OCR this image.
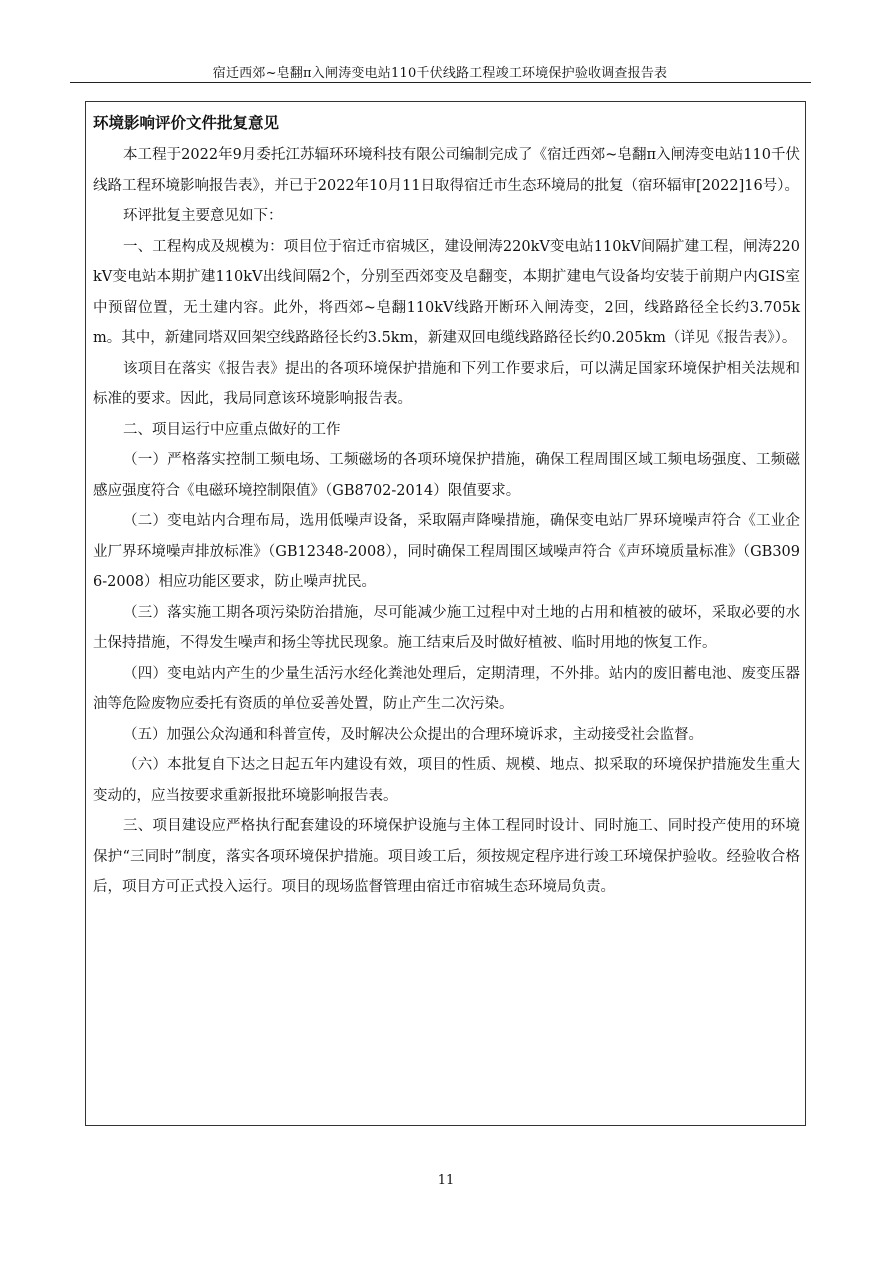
宿迁西郊~皂翻π入闸涛变电站110千伏线路工程竣工环境保护验收调查报告表
环境影响评价文件批复意见

本工程于2022年9月委托江苏辐环环境科技有限公司编制完成了《宿迁西郊~皂翻π入闸涛变电站110千伏线路工程环境影响报告表》，并已于2022年10月11日取得宿迁市生态环境局的批复（宿环辐审[2022]16号）。

环评批复主要意见如下：

一、工程构成及规模为：项目位于宿迁市宿城区，建设闸涛220kV变电站110kV间隔扩建工程，闸涛220kV变电站本期扩建110kV出线间隔2个，分别至西郊变及皂翻变，本期扩建电气设备均安装于前期户内GIS室中预留位置，无土建内容。此外，将西郊~皂翻110kV线路开断环入闸涛变，2回，线路路径全长约3.705km。其中，新建同塔双回架空线路路径长约3.5km，新建双回电缆线路路径长约0.205km（详见《报告表》）。

该项目在落实《报告表》提出的各项环境保护措施和下列工作要求后，可以满足国家环境保护相关法规和标准的要求。因此，我局同意该环境影响报告表。

二、项目运行中应重点做好的工作

（一）严格落实控制工频电场、工频磁场的各项环境保护措施，确保工程周围区域工频电场强度、工频磁感应强度符合《电磁环境控制限值》（GB8702-2014）限值要求。

（二）变电站内合理布局，选用低噪声设备，采取隔声降噪措施，确保变电站厂界环境噪声符合《工业企业厂界环境噪声排放标准》（GB12348-2008），同时确保工程周围区域噪声符合《声环境质量标准》（GB3096-2008）相应功能区要求，防止噪声扰民。

（三）落实施工期各项污染防治措施，尽可能减少施工过程中对土地的占用和植被的破坏，采取必要的水土保持措施，不得发生噪声和扬尘等扰民现象。施工结束后及时做好植被、临时用地的恢复工作。

（四）变电站内产生的少量生活污水经化粪池处理后，定期清理，不外排。站内的废旧蓄电池、废变压器油等危险废物应委托有资质的单位妥善处置，防止产生二次污染。

（五）加强公众沟通和科普宣传，及时解决公众提出的合理环境诉求，主动接受社会监督。

（六）本批复自下达之日起五年内建设有效，项目的性质、规模、地点、拟采取的环境保护措施发生重大变动的，应当按要求重新报批环境影响报告表。

三、项目建设应严格执行配套建设的环境保护设施与主体工程同时设计、同时施工、同时投产使用的环境保护“三同时”制度，落实各项环境保护措施。项目竣工后，须按规定程序进行竣工环境保护验收。经验收合格后，项目方可正式投入运行。项目的现场监督管理由宿迁市宿城生态环境局负责。

11
